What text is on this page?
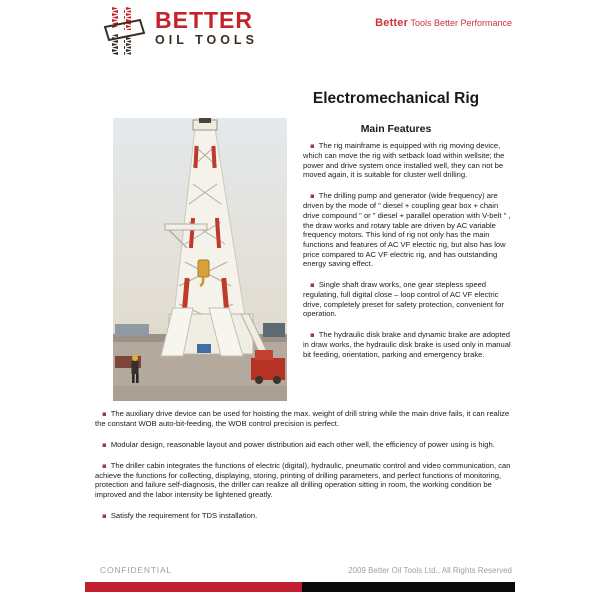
BETTER
OIL TOOLS
Better Tools Better Performance
Electromechanical Rig
Main Features

▪ The rig mainframe is equipped with rig moving device, which can move the rig with setback load within wellsite; the power and drive system once installed well, they can not be moved again, it is suitable for cluster well drilling.

▪ The drilling pump and generator (wide frequency) are driven by the mode of " diesel + coupling gear box + chain drive compound " or " diesel + parallel operation with V-belt " , the draw works and rotary table are driven by AC variable frequency motors. This kind of rig not only has the main functions and features of AC VF electric rig, but also has low price compared to AC VF electric rig, and has outstanding energy saving effect.

▪ Single shaft draw works, one gear stepless speed regulating, full digital close – loop control of AC VF electric drive, completely preset for safety protection, convenient for operation.

▪ The hydraulic disk brake and dynamic brake are adopted in draw works, the hydraulic disk brake is used only in manual bit feeding, orientation, parking and emergency brake.

▪ The auxiliary drive device can be used for hoisting the max. weight of drill string while the main drive fails, it can realize the constant WOB auto-bit-feeding, the WOB control precision is perfect.

▪ Modular design, reasonable layout and power distribution aid each other well, the efficiency of power using is high.

▪ The driller cabin integrates the functions of electric (digital), hydraulic, pneumatic control and video communication, can achieve the functions for collecting, displaying, storing, printing of drilling parameters, and perfect functions of monitoring, protection and failure self-diagnosis, the driller can realize all drilling operation sitting in room, the working condition be improved and the labor intensity be lightened greatly.

▪ Satisfy the requirement for TDS installation.

CONFIDENTIAL	2009 Better Oil Tools Ltd., All Rights Reserved
